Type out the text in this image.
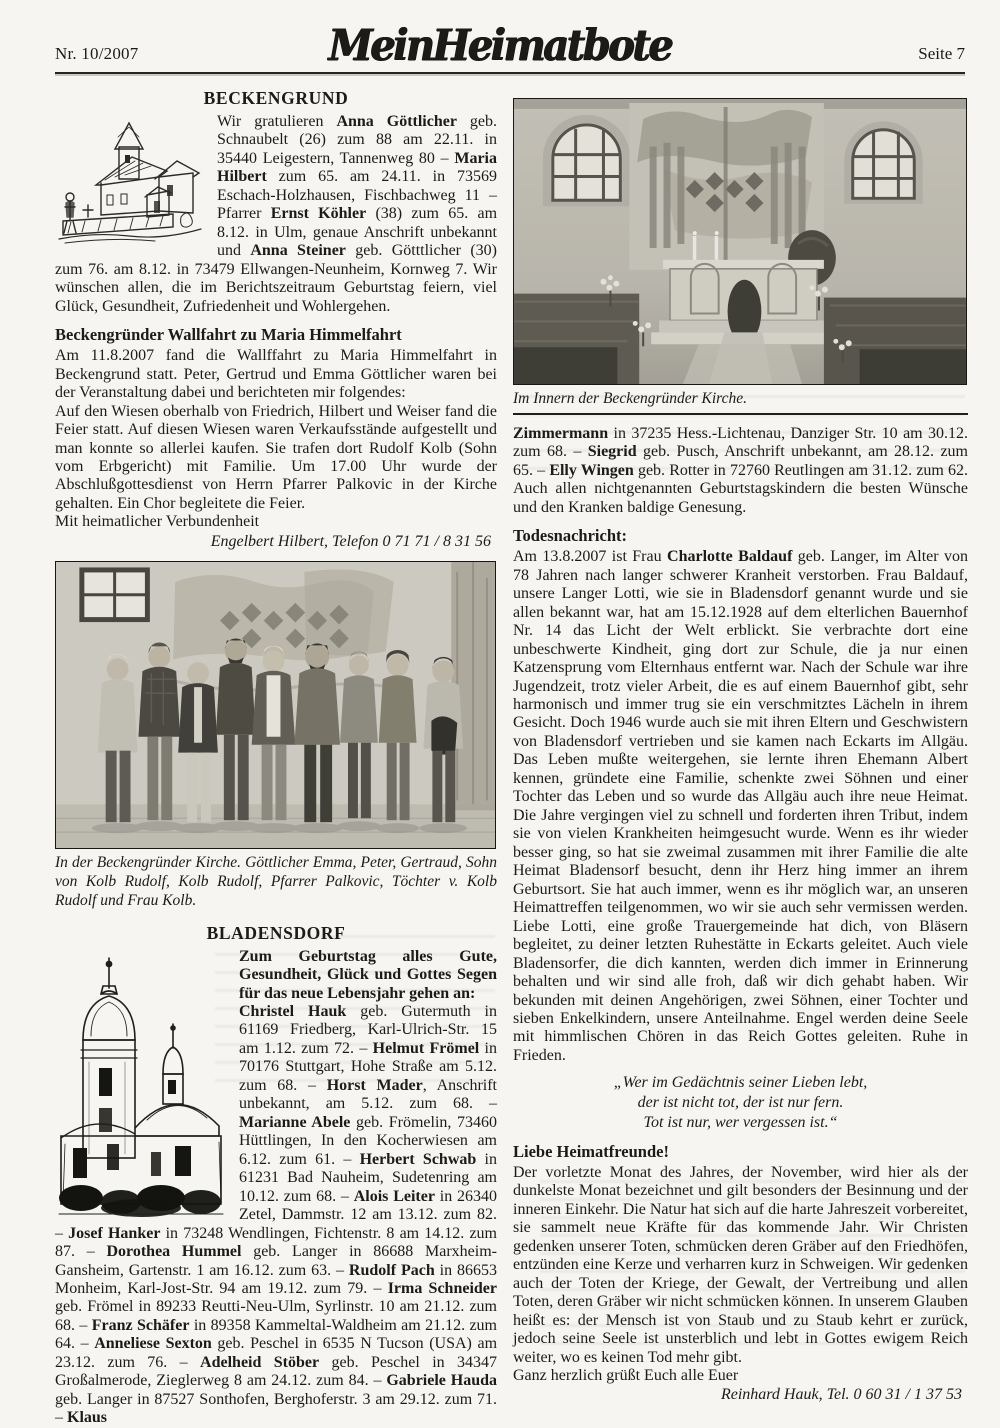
Nr. 10/2007	MeinHeimatbote	Seite 7
BECKENGRUND

Wir gratulieren Anna Göttlicher geb. Schnaubelt (26) zum 88 am 22.11. in 35440 Leigestern, Tannenweg 80 – Maria Hilbert zum 65. am 24.11. in 73569 Eschach-Holzhausen, Fischbachweg 11 – Pfarrer Ernst Köhler (38) zum 65. am 8.12. in Ulm, genaue Anschrift unbekannt und Anna Steiner geb. Götttlicher (30) zum 76. am 8.12. in 73479 Ellwangen-Neunheim, Kornweg 7. Wir wünschen allen, die im Berichtszeitraum Geburtstag feiern, viel Glück, Gesundheit, Zufriedenheit und Wohlergehen.

Beckengründer Wallfahrt zu Maria Himmelfahrt

Am 11.8.2007 fand die Wallffahrt zu Maria Himmelfahrt in Beckengrund statt. Peter, Gertrud und Emma Göttlicher waren bei der Veranstaltung dabei und berichteten mir folgendes:

Auf den Wiesen oberhalb von Friedrich, Hilbert und Weiser fand die Feier statt. Auf diesen Wiesen waren Verkaufsstände aufgestellt und man konnte so allerlei kaufen. Sie trafen dort Rudolf Kolb (Sohn vom Erbgericht) mit Familie. Um 17.00 Uhr wurde der Abschlußgottesdienst von Herrn Pfarrer Palkovic in der Kirche gehalten. Ein Chor begleitete die Feier.

Mit heimatlicher Verbundenheit

Engelbert Hilbert, Telefon 0 71 71 / 8 31 56

In der Beckengründer Kirche. Göttlicher Emma, Peter, Gertraud, Sohn von Kolb Rudolf, Kolb Rudolf, Pfarrer Palkovic, Töchter v. Kolb Rudolf und Frau Kolb.
BLADENSDORF

Zum Geburtstag alles Gute, Gesundheit, Glück und Gottes Segen für das neue Lebensjahr gehen an:

Christel Hauk geb. Gutermuth in 61169 Friedberg, Karl-Ulrich-Str. 15 am 1.12. zum 72. – Helmut Frömel in 70176 Stuttgart, Hohe Straße am 5.12. zum 68. – Horst Mader, Anschrift unbekannt, am 5.12. zum 68. – Marianne Abele geb. Frömelin, 73460 Hüttlingen, In den Kocherwiesen am 6.12. zum 61. – Herbert Schwab in 61231 Bad Nauheim, Sudetenring am 10.12. zum 68. – Alois Leiter in 26340 Zetel, Dammstr. 12 am 13.12. zum 82. – Josef Hanker in 73248 Wendlingen, Fichtenstr. 8 am 14.12. zum 87. – Dorothea Hummel geb. Langer in 86688 Marxheim-Gansheim, Gartenstr. 1 am 16.12. zum 63. – Rudolf Pach in 86653 Monheim, Karl-Jost-Str. 94 am 19.12. zum 79. – Irma Schneider geb. Frömel in 89233 Reutti-Neu-Ulm, Syrlinstr. 10 am 21.12. zum 68. – Franz Schäfer in 89358 Kammeltal-Waldheim am 21.12. zum 64. – Anneliese Sexton geb. Peschel in 6535 N Tucson (USA) am 23.12. zum 76. – Adelheid Stöber geb. Peschel in 34347 Großalmerode, Zieglerweg 8 am 24.12. zum 84. – Gabriele Hauda geb. Langer in 87527 Sonthofen, Berghoferstr. 3 am 29.12. zum 71. – Klaus

Im Innern der Beckengründer Kirche.

Zimmermann in 37235 Hess.-Lichtenau, Danziger Str. 10 am 30.12. zum 68. – Siegrid geb. Pusch, Anschrift unbekannt, am 28.12. zum 65. – Elly Wingen geb. Rotter in 72760 Reutlingen am 31.12. zum 62. Auch allen nichtgenannten Geburtstagskindern die besten Wünsche und den Kranken baldige Genesung.

Todesnachricht:

Am 13.8.2007 ist Frau Charlotte Baldauf geb. Langer, im Alter von 78 Jahren nach langer schwerer Kranheit verstorben. Frau Baldauf, unsere Langer Lotti, wie sie in Bladensdorf genannt wurde und sie allen bekannt war, hat am 15.12.1928 auf dem elterlichen Bauernhof Nr. 14 das Licht der Welt erblickt. Sie verbrachte dort eine unbeschwerte Kindheit, ging dort zur Schule, die ja nur einen Katzensprung vom Elternhaus entfernt war. Nach der Schule war ihre Jugendzeit, trotz vieler Arbeit, die es auf einem Bauernhof gibt, sehr harmonisch und immer trug sie ein verschmitztes Lächeln in ihrem Gesicht. Doch 1946 wurde auch sie mit ihren Eltern und Geschwistern von Bladensdorf vertrieben und sie kamen nach Eckarts im Allgäu. Das Leben mußte weitergehen, sie lernte ihren Ehemann Albert kennen, gründete eine Familie, schenkte zwei Söhnen und einer Tochter das Leben und so wurde das Allgäu auch ihre neue Heimat. Die Jahre vergingen viel zu schnell und forderten ihren Tribut, indem sie von vielen Krankheiten heimgesucht wurde. Wenn es ihr wieder besser ging, so hat sie zweimal zusammen mit ihrer Familie die alte Heimat Bladensorf besucht, denn ihr Herz hing immer an ihrem Geburtsort. Sie hat auch immer, wenn es ihr möglich war, an unseren Heimattreffen teilgenommen, wo wir sie auch sehr vermissen werden. Liebe Lotti, eine große Trauergemeinde hat dich, von Bläsern begleitet, zu deiner letzten Ruhestätte in Eckarts geleitet. Auch viele Bladensorfer, die dich kannten, werden dich immer in Erinnerung behalten und wir sind alle froh, daß wir dich gehabt haben. Wir bekunden mit deinen Angehörigen, zwei Söhnen, einer Tochter und sieben Enkelkindern, unsere Anteilnahme. Engel werden deine Seele mit himmlischen Chören in das Reich Gottes geleiten. Ruhe in Frieden.

„Wer im Gedächtnis seiner Lieben lebt,

der ist nicht tot, der ist nur fern.

Tot ist nur, wer vergessen ist.“

Liebe Heimatfreunde!

Der vorletzte Monat des Jahres, der November, wird hier als der dunkelste Monat bezeichnet und gilt besonders der Besinnung und der inneren Einkehr. Die Natur hat sich auf die harte Jahreszeit vorbereitet, sie sammelt neue Kräfte für das kommende Jahr. Wir Christen gedenken unserer Toten, schmücken deren Gräber auf den Friedhöfen, entzünden eine Kerze und verharren kurz in Schweigen. Wir gedenken auch der Toten der Kriege, der Gewalt, der Vertreibung und allen Toten, deren Gräber wir nicht schmücken können. In unserem Glauben heißt es: der Mensch ist von Staub und zu Staub kehrt er zurück, jedoch seine Seele ist unsterblich und lebt in Gottes ewigem Reich weiter, wo es keinen Tod mehr gibt.

Ganz herzlich grüßt Euch alle Euer

Reinhard Hauk, Tel. 0 60 31 / 1 37 53
